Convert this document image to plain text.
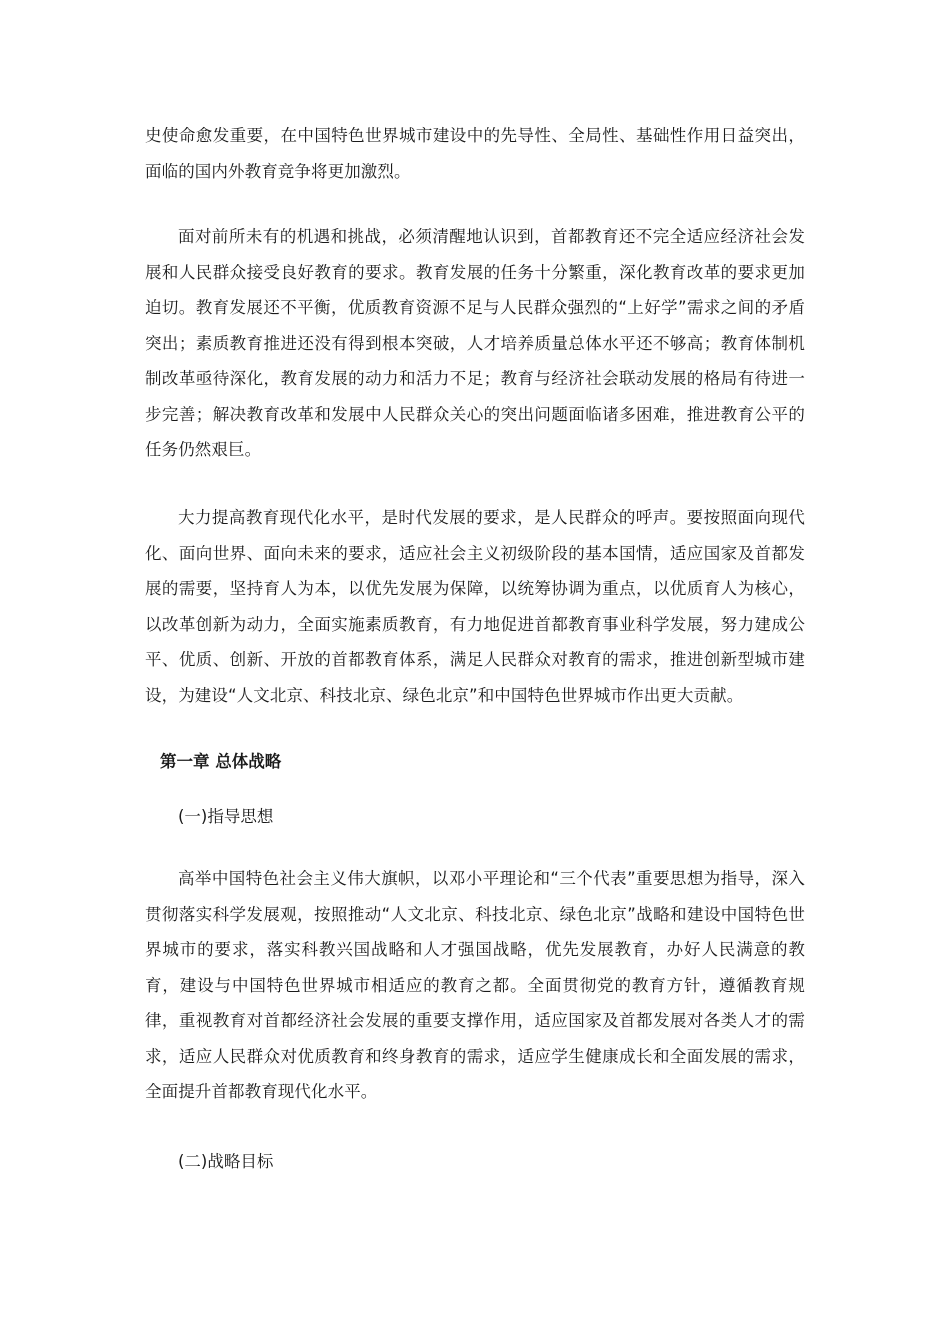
史使命愈发重要，在中国特色世界城市建设中的先导性、全局性、基础性作用日益突出，面临的国内外教育竞争将更加激烈。

面对前所未有的机遇和挑战，必须清醒地认识到，首都教育还不完全适应经济社会发展和人民群众接受良好教育的要求。教育发展的任务十分繁重，深化教育改革的要求更加迫切。教育发展还不平衡，优质教育资源不足与人民群众强烈的“上好学”需求之间的矛盾突出；素质教育推进还没有得到根本突破，人才培养质量总体水平还不够高；教育体制机制改革亟待深化，教育发展的动力和活力不足；教育与经济社会联动发展的格局有待进一步完善；解决教育改革和发展中人民群众关心的突出问题面临诸多困难，推进教育公平的任务仍然艰巨。

大力提高教育现代化水平，是时代发展的要求，是人民群众的呼声。要按照面向现代化、面向世界、面向未来的要求，适应社会主义初级阶段的基本国情，适应国家及首都发展的需要，坚持育人为本，以优先发展为保障，以统筹协调为重点，以优质育人为核心，以改革创新为动力，全面实施素质教育，有力地促进首都教育事业科学发展，努力建成公平、优质、创新、开放的首都教育体系，满足人民群众对教育的需求，推进创新型城市建设，为建设“人文北京、科技北京、绿色北京”和中国特色世界城市作出更大贡献。

第一章 总体战略

(一)指导思想

高举中国特色社会主义伟大旗帜，以邓小平理论和“三个代表”重要思想为指导，深入贯彻落实科学发展观，按照推动“人文北京、科技北京、绿色北京”战略和建设中国特色世界城市的要求，落实科教兴国战略和人才强国战略，优先发展教育，办好人民满意的教育，建设与中国特色世界城市相适应的教育之都。全面贯彻党的教育方针，遵循教育规律，重视教育对首都经济社会发展的重要支撑作用，适应国家及首都发展对各类人才的需求，适应人民群众对优质教育和终身教育的需求，适应学生健康成长和全面发展的需求，全面提升首都教育现代化水平。

(二)战略目标
